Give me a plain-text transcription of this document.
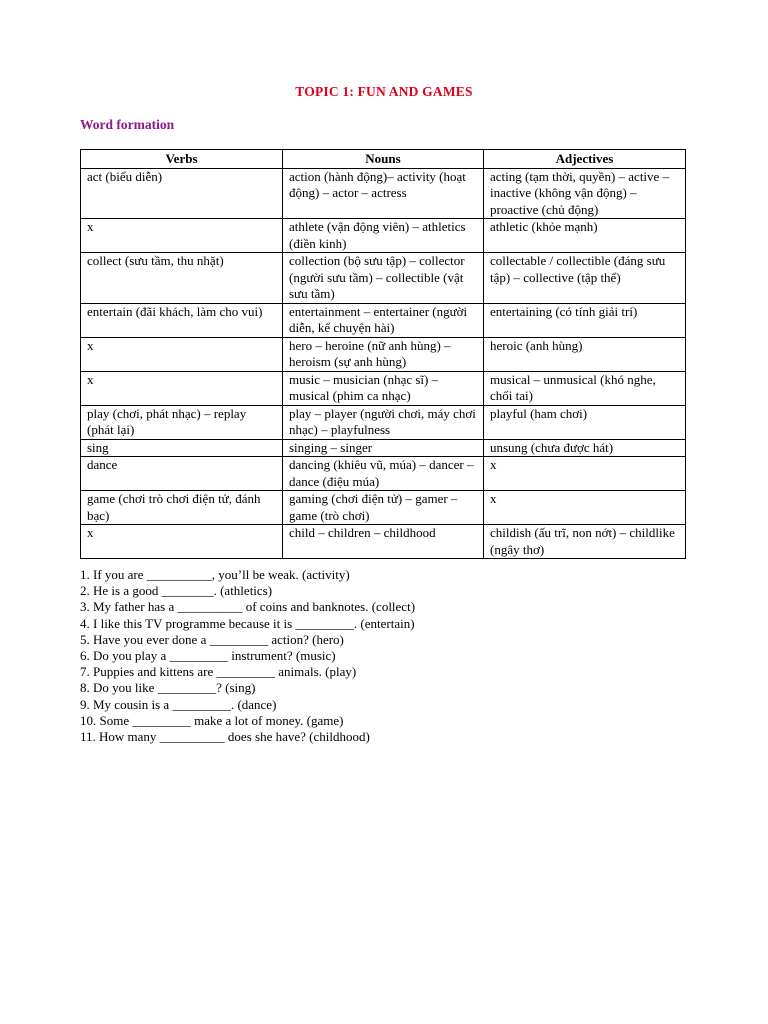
TOPIC 1: FUN AND GAMES
Word formation
Verbs	Nouns	Adjectives
act (biểu diễn)	action (hành động)– activity (hoạt động) – actor – actress	acting (tạm thời, quyền) – active – inactive (không vận động) – proactive (chủ động)
x	athlete (vận động viên) – athletics (điền kinh)	athletic (khỏe mạnh)
collect (sưu tầm, thu nhặt)	collection (bộ sưu tập) – collector (người sưu tầm) – collectible (vật sưu tầm)	collectable / collectible (đáng sưu tập) – collective (tập thể)
entertain (đãi khách, làm cho vui)	entertainment – entertainer (người diễn, kể chuyện hài)	entertaining (có tính giải trí)
x	hero – heroine (nữ anh hùng) – heroism (sự anh hùng)	heroic (anh hùng)
x	music – musician (nhạc sĩ) – musical (phim ca nhạc)	musical – unmusical (khó nghe, chối tai)
play (chơi, phát nhạc) – replay (phát lại)	play – player (người chơi, máy chơi nhạc) – playfulness	playful (ham chơi)
sing	singing – singer	unsung (chưa được hát)
dance	dancing (khiêu vũ, múa) – dancer – dance (điệu múa)	x
game (chơi trò chơi điện tử, đánh bạc)	gaming (chơi điện tử) – gamer – game (trò chơi)	x
x	child – children – childhood	childish (ấu trĩ, non nớt) – childlike (ngây thơ)
1. If you are __________, you’ll be weak. (activity)
2. He is a good ________. (athletics)
3. My father has a __________ of coins and banknotes. (collect)
4. I like this TV programme because it is _________. (entertain)
5. Have you ever done a _________ action? (hero)
6. Do you play a _________ instrument? (music)
7. Puppies and kittens are _________ animals. (play)
8. Do you like _________? (sing)
9. My cousin is a _________. (dance)
10. Some _________ make a lot of money. (game)
11. How many __________ does she have? (childhood)
